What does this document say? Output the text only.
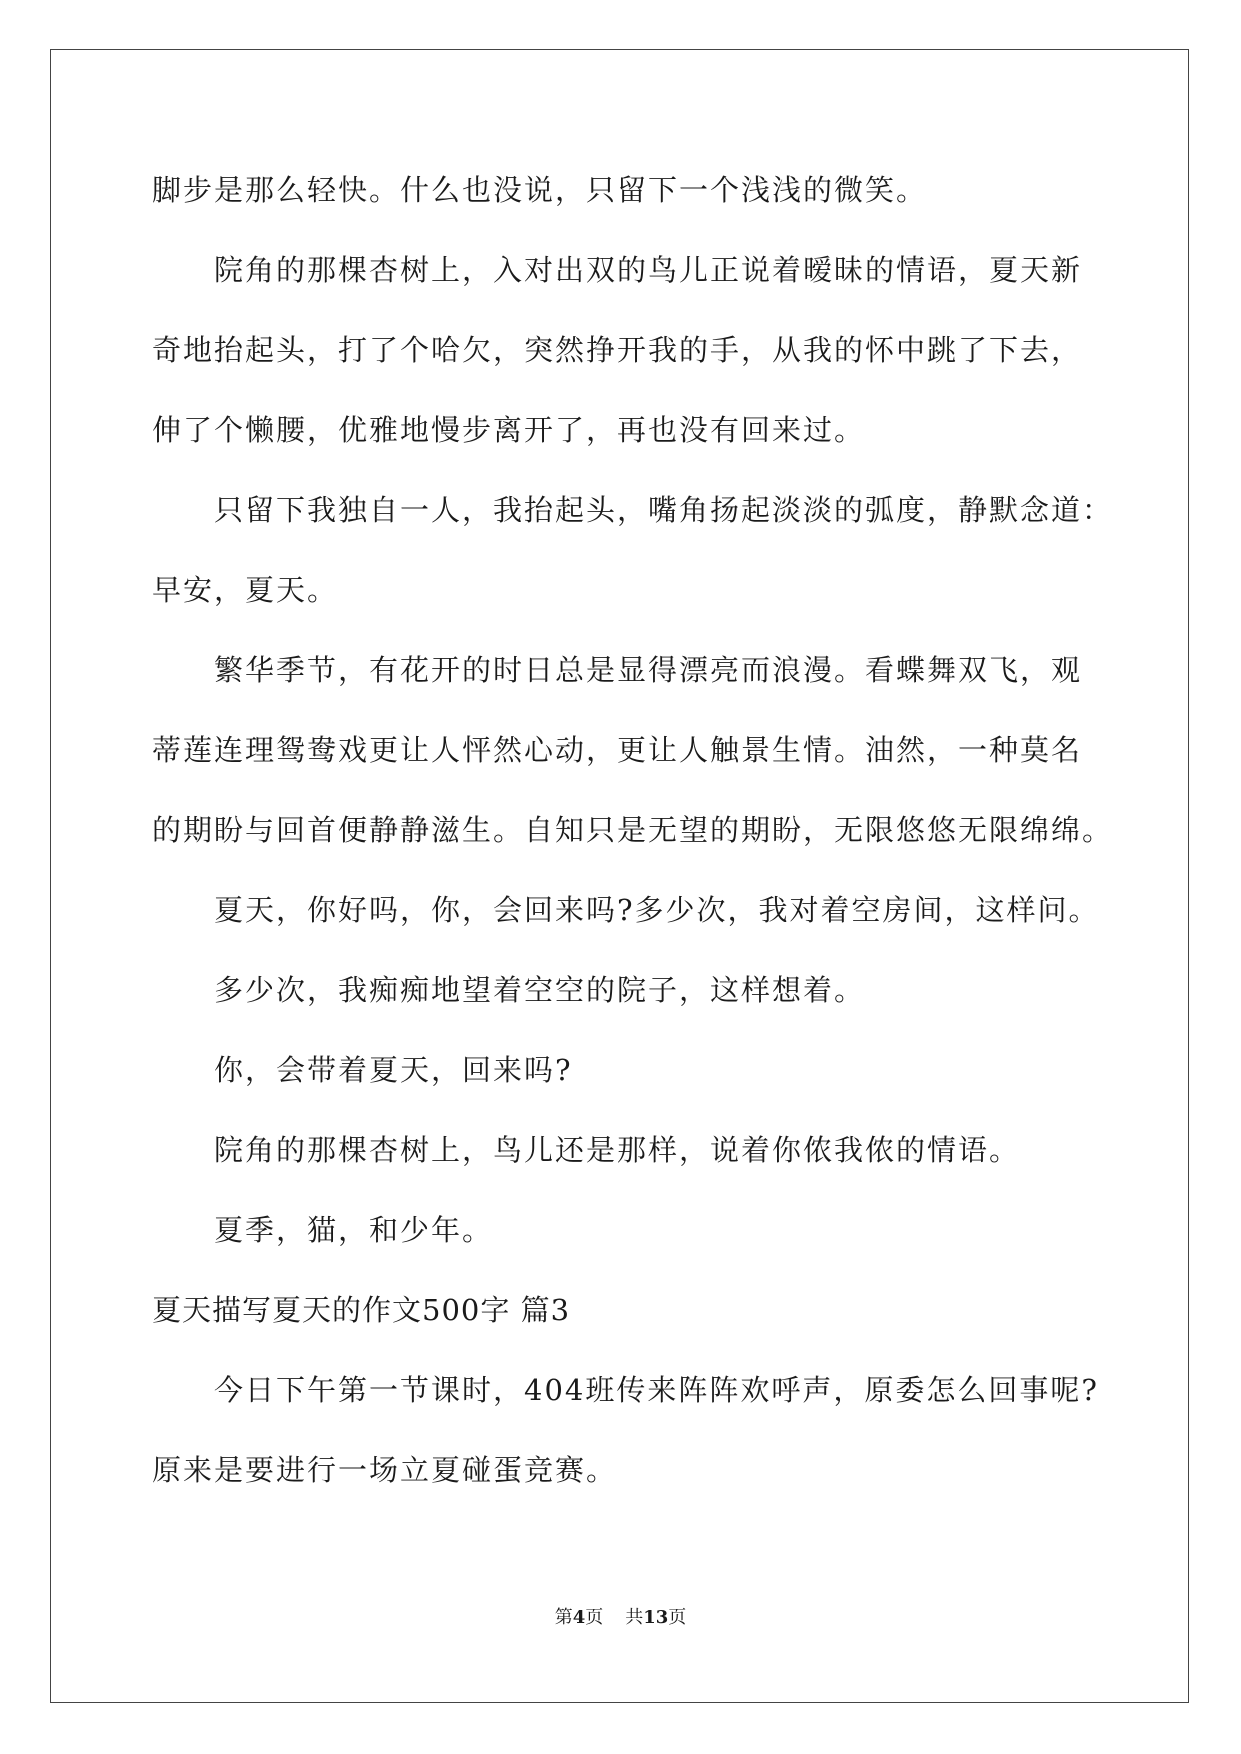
脚步是那么轻快。什么也没说，只留下一个浅浅的微笑。

院角的那棵杏树上，入对出双的鸟儿正说着暧昧的情语，夏天新

奇地抬起头，打了个哈欠，突然挣开我的手，从我的怀中跳了下去，

伸了个懒腰，优雅地慢步离开了，再也没有回来过。

只留下我独自一人，我抬起头，嘴角扬起淡淡的弧度，静默念道：

早安，夏天。

繁华季节，有花开的时日总是显得漂亮而浪漫。看蝶舞双飞，观

蒂莲连理鸳鸯戏更让人怦然心动，更让人触景生情。油然，一种莫名

的期盼与回首便静静滋生。自知只是无望的期盼，无限悠悠无限绵绵。

夏天，你好吗，你，会回来吗?多少次，我对着空房间，这样问。

多少次，我痴痴地望着空空的院子，这样想着。

你，会带着夏天，回来吗?

院角的那棵杏树上，鸟儿还是那样，说着你侬我侬的情语。

夏季，猫，和少年。

夏天描写夏天的作文500字 篇3

今日下午第一节课时，404班传来阵阵欢呼声，原委怎么回事呢?

原来是要进行一场立夏碰蛋竞赛。

第4页 共13页
